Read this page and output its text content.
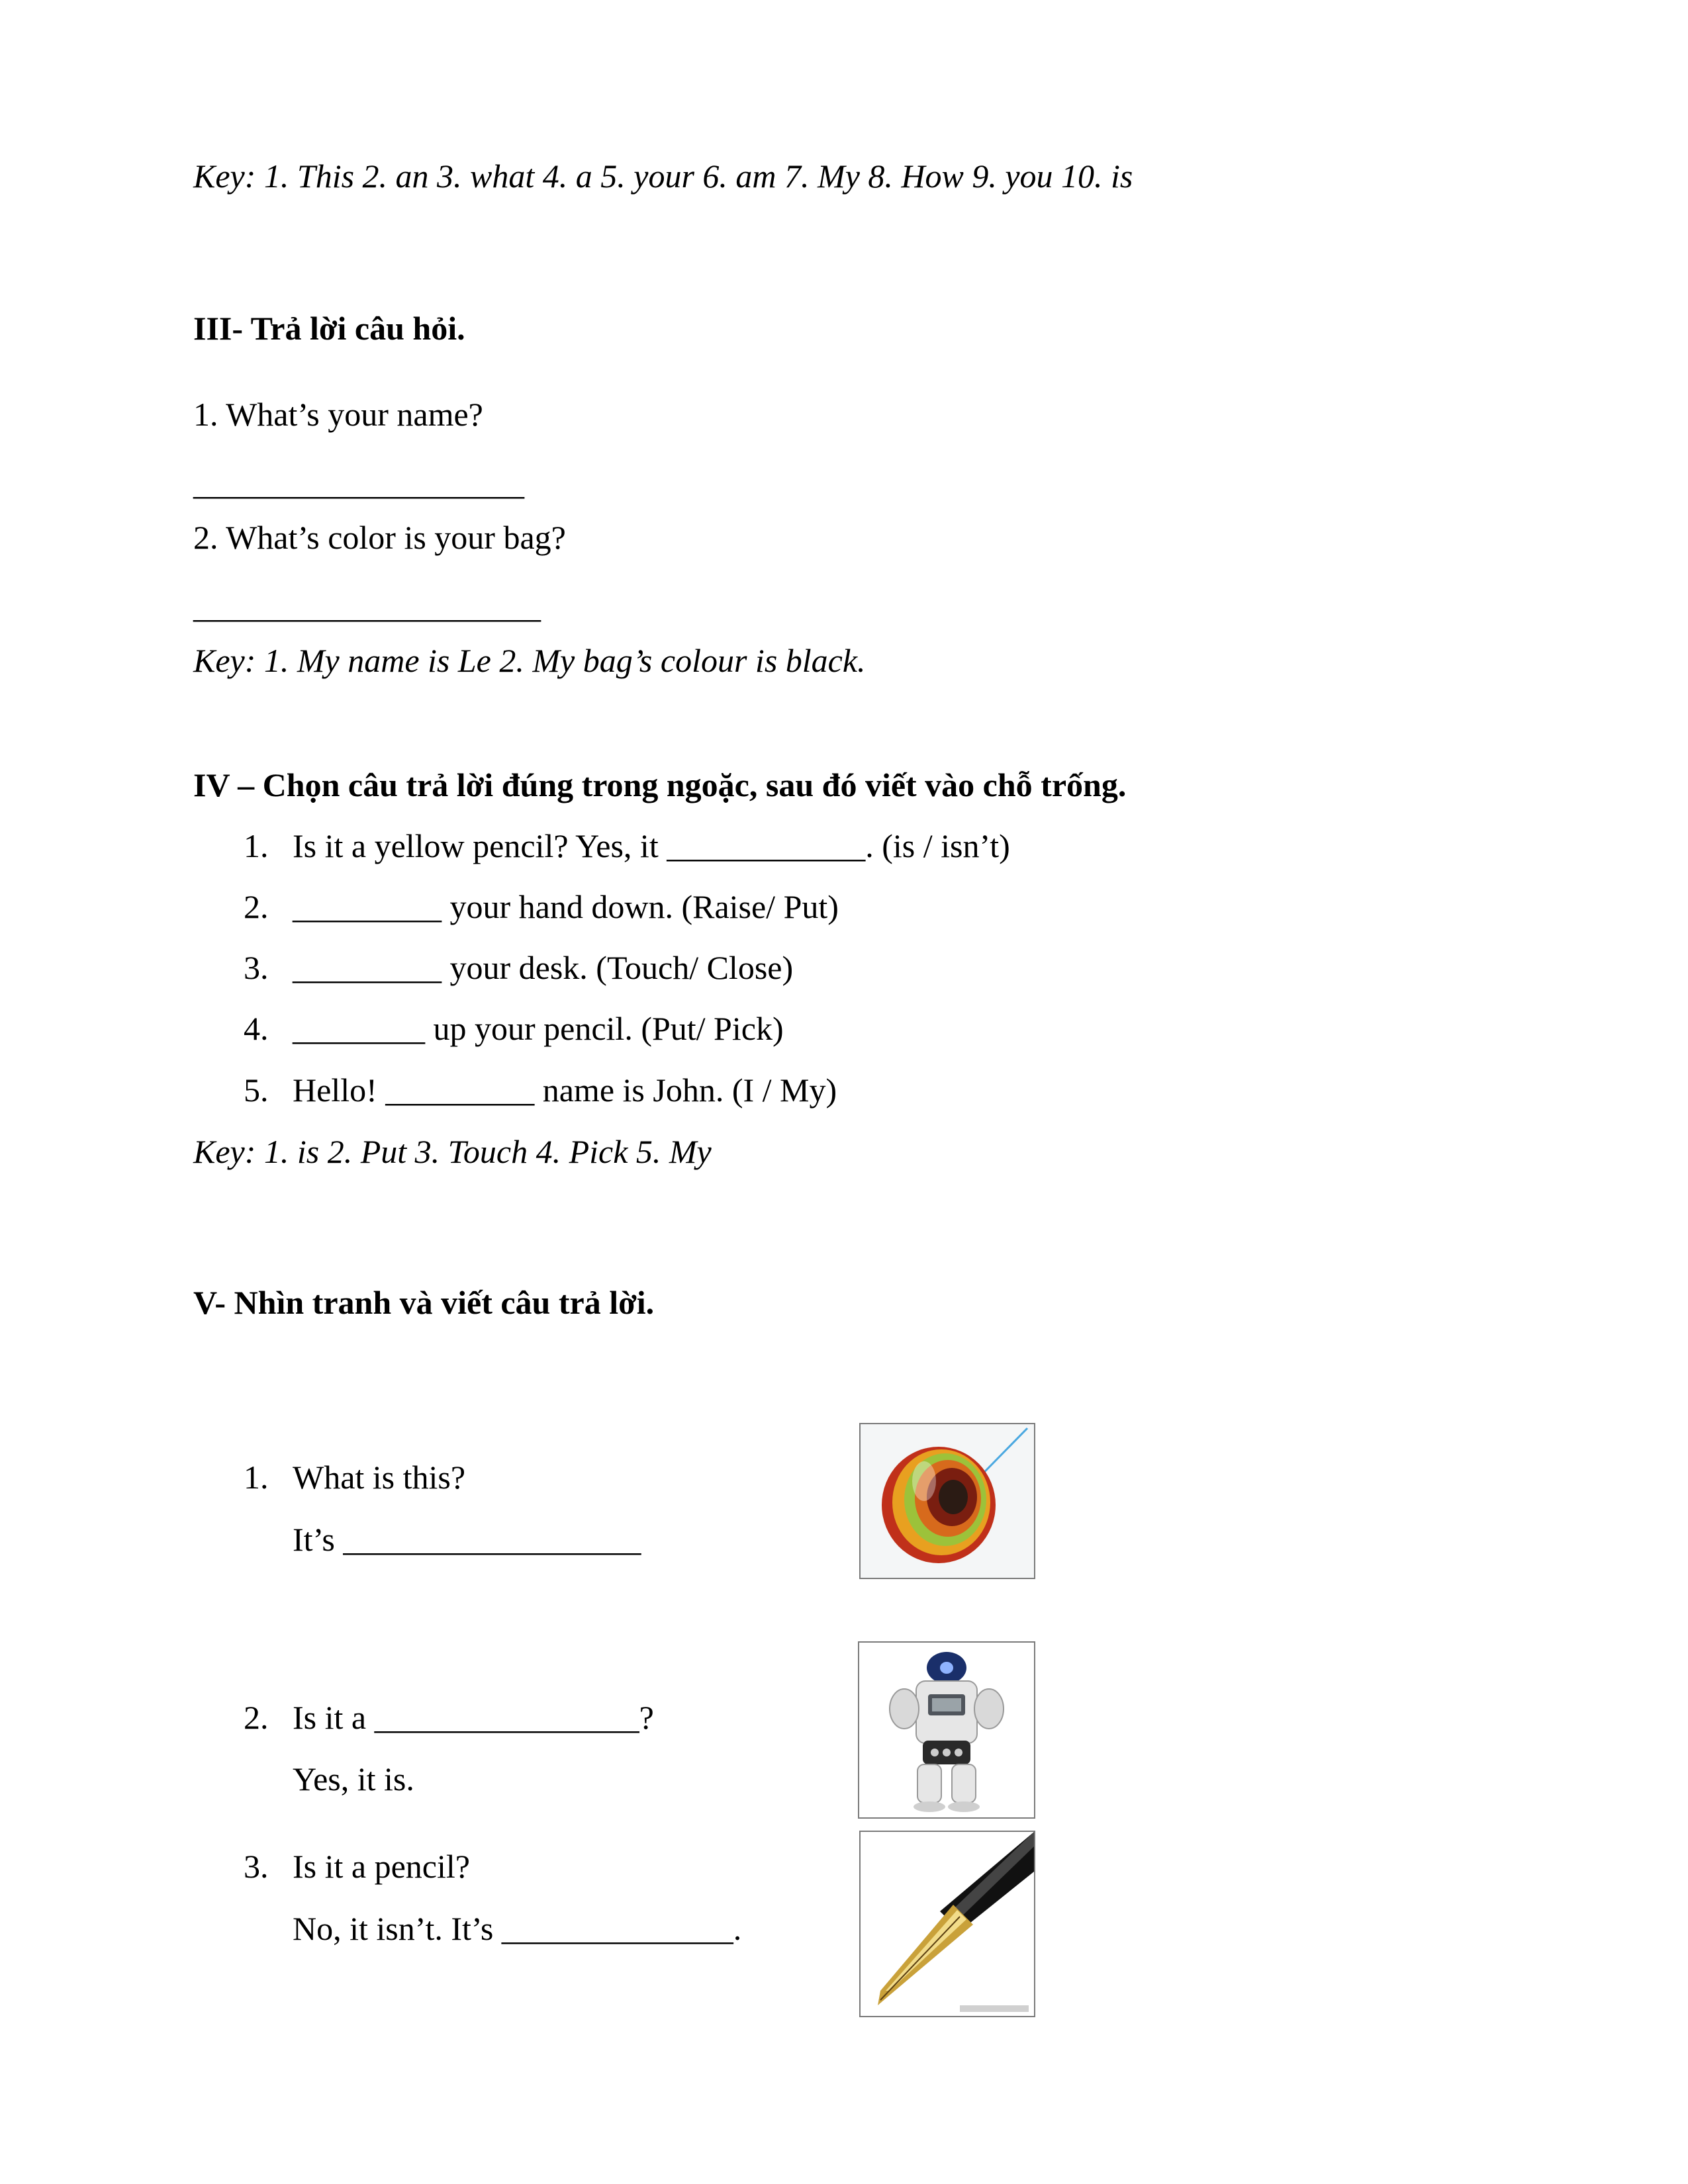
Key: 1. This 2. an 3. what 4. a 5. your 6. am 7. My 8. How 9. you 10. is
III- Trả lời câu hỏi.
1. What’s your name?
____________________
2. What’s color is your bag?
_____________________
Key: 1. My name is Le 2. My bag’s colour is black.
IV – Chọn câu trả lời đúng trong ngoặc, sau đó viết vào chỗ trống.
1. Is it a yellow pencil? Yes, it ____________. (is / isn’t)
2. _________ your hand down. (Raise/ Put)
3. _________ your desk. (Touch/ Close)
4. ________ up your pencil. (Put/ Pick)
5. Hello! _________ name is John. (I / My)
Key: 1. is 2. Put 3. Touch 4. Pick 5. My
V- Nhìn tranh và viết câu trả lời.
1. What is this?
It’s __________________
2. Is it a ________________?
Yes, it is.
3. Is it a pencil?
No, it isn’t. It’s ______________.
